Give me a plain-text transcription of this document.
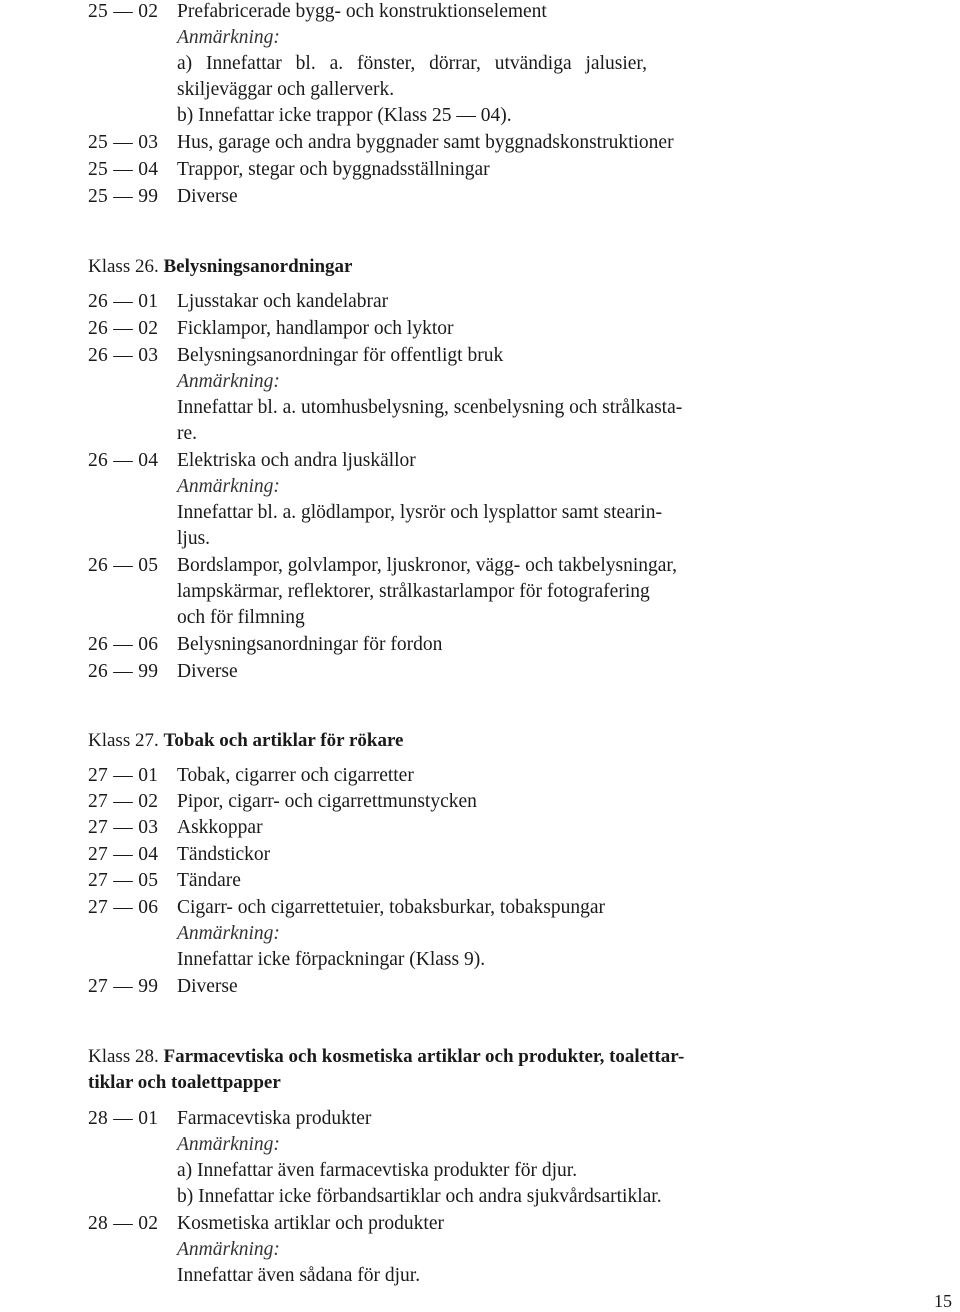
25 — 02 Prefabricerade bygg- och konstruktionselement
Anmärkning:
a) Innefattar bl. a. fönster, dörrar, utvändiga jalusier,
skiljeväggar och gallerverk.
b) Innefattar icke trappor (Klass 25 — 04).
25 — 03 Hus, garage och andra byggnader samt byggnadskonstruktioner
25 — 04 Trappor, stegar och byggnadsställningar
25 — 99 Diverse
Klass 26. Belysningsanordningar
26 — 01 Ljusstakar och kandelabrar
26 — 02 Ficklampor, handlampor och lyktor
26 — 03 Belysningsanordningar för offentligt bruk
Anmärkning:
Innefattar bl. a. utomhusbelysning, scenbelysning och strålkasta-
re.
26 — 04 Elektriska och andra ljuskällor
Anmärkning:
Innefattar bl. a. glödlampor, lysrör och lysplattor samt stearin-
ljus.
26 — 05 Bordslampor, golvlampor, ljuskronor, vägg- och takbelysningar,
lampskärmar, reflektorer, strålkastarlampor för fotografering
och för filmning
26 — 06 Belysningsanordningar för fordon
26 — 99 Diverse
Klass 27. Tobak och artiklar för rökare
27 — 01 Tobak, cigarrer och cigarretter
27 — 02 Pipor, cigarr- och cigarrettmunstycken
27 — 03 Askkoppar
27 — 04 Tändstickor
27 — 05 Tändare
27 — 06 Cigarr- och cigarrettetuier, tobaksburkar, tobakspungar
Anmärkning:
Innefattar icke förpackningar (Klass 9).
27 — 99 Diverse
Klass 28. Farmacevtiska och kosmetiska artiklar och produkter, toalettar-
tiklar och toalettpapper
28 — 01 Farmacevtiska produkter
Anmärkning:
a) Innefattar även farmacevtiska produkter för djur.
b) Innefattar icke förbandsartiklar och andra sjukvårdsartiklar.
28 — 02 Kosmetiska artiklar och produkter
Anmärkning:
Innefattar även sådana för djur.
15
